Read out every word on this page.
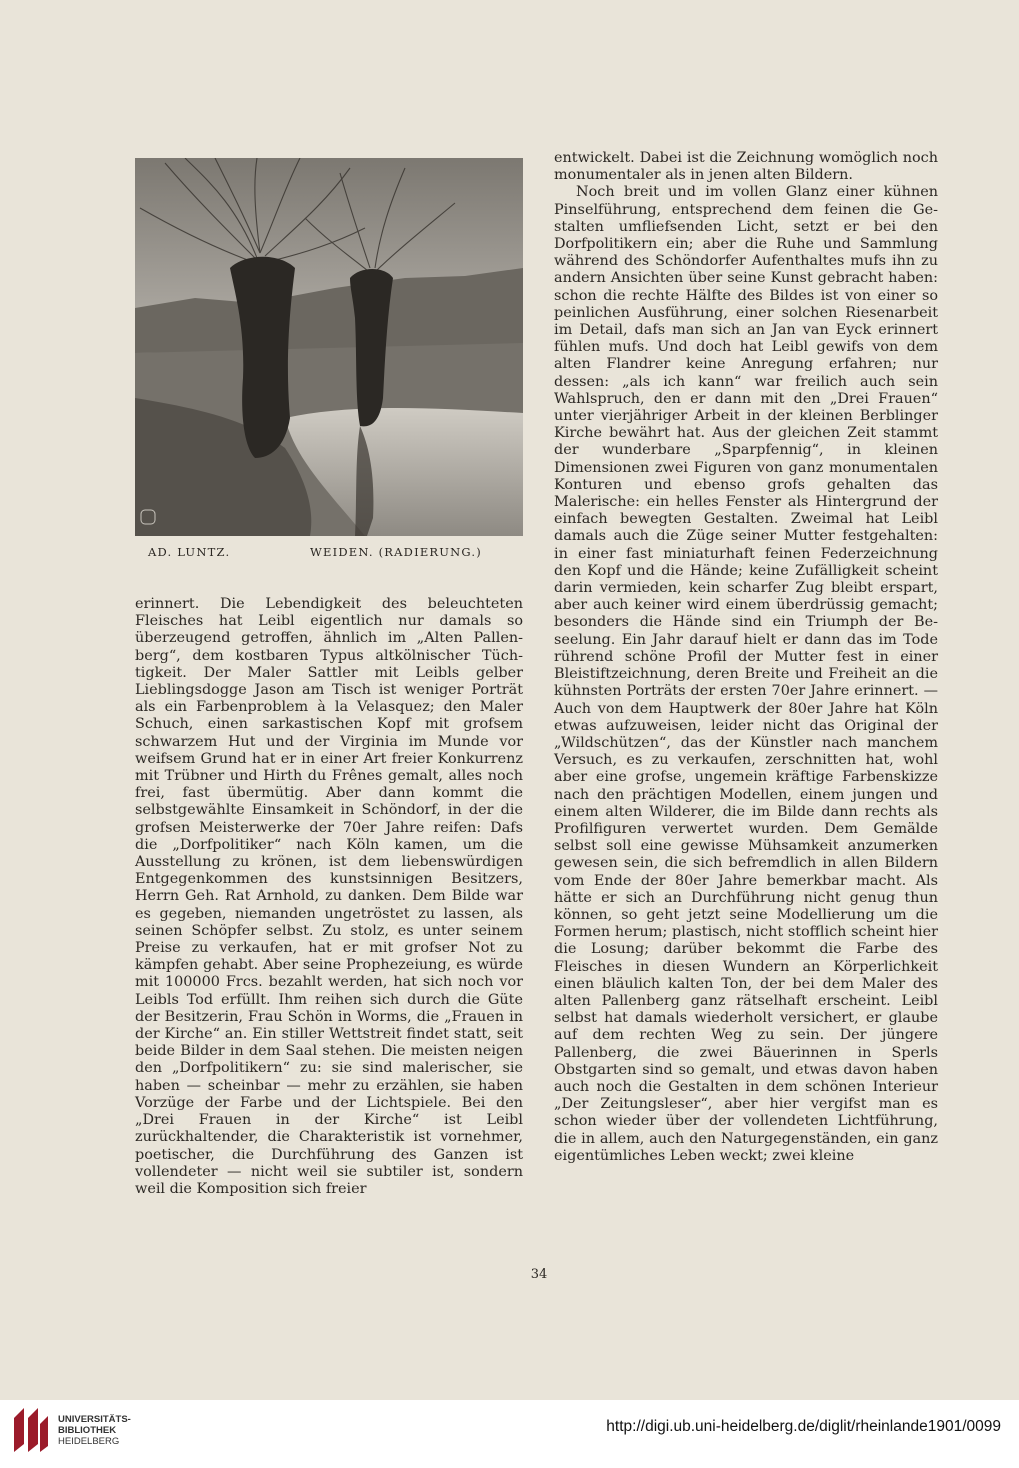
AD. LUNTZ.	WEIDEN. (RADIERUNG.)

erinnert. Die Lebendigkeit des beleuchteten Fleisches hat Leibl eigentlich nur damals so überzeugend getroffen, ähnlich im „Alten Pallenberg“, dem kostbaren Typus altkölnischer Tüchtigkeit. Der Maler Sattler mit Leibls gelber Lieblingsdogge Jason am Tisch ist weniger Porträt als ein Farbenproblem à la Velasquez; den Maler Schuch, einen sarkastischen Kopf mit grofsem schwarzem Hut und der Virginia im Munde vor weifsem Grund hat er in einer Art freier Konkurrenz mit Trübner und Hirth du Frênes gemalt, alles noch frei, fast übermütig. Aber dann kommt die selbstgewählte Einsamkeit in Schöndorf, in der die grofsen Meisterwerke der 70er Jahre reifen: Dafs die „Dorfpolitiker“ nach Köln kamen, um die Ausstellung zu krönen, ist dem liebenswürdigen Entgegenkommen des kunstsinnigen Besitzers, Herrn Geh. Rat Arnhold, zu danken. Dem Bilde war es gegeben, niemanden ungetröstet zu lassen, als seinen Schöpfer selbst. Zu stolz, es unter seinem Preise zu verkaufen, hat er mit grofser Not zu kämpfen gehabt. Aber seine Prophezeiung, es würde mit 100000 Frcs. bezahlt werden, hat sich noch vor Leibls Tod erfüllt. Ihm reihen sich durch die Güte der Besitzerin, Frau Schön in Worms, die „Frauen in der Kirche“ an. Ein stiller Wettstreit findet statt, seit beide Bilder in dem Saal stehen. Die meisten neigen den „Dorfpolitikern“ zu: sie sind malerischer, sie haben — scheinbar — mehr zu erzählen, sie haben Vorzüge der Farbe und der Lichtspiele. Bei den „Drei Frauen in der Kirche“ ist Leibl zurückhaltender, die Charakteristik ist vornehmer, poetischer, die Durchführung des Ganzen ist vollendeter — nicht weil sie subtiler ist, sondern weil die Komposition sich freier

entwickelt. Dabei ist die Zeichnung womöglich noch monumentaler als in jenen alten Bildern.

Noch breit und im vollen Glanz einer kühnen Pinselführung, entsprechend dem feinen die Gestalten umfliefsenden Licht, setzt er bei den Dorfpolitikern ein; aber die Ruhe und Sammlung während des Schöndorfer Aufenthaltes mufs ihn zu andern Ansichten über seine Kunst gebracht haben: schon die rechte Hälfte des Bildes ist von einer so peinlichen Ausführung, einer solchen Riesenarbeit im Detail, dafs man sich an Jan van Eyck erinnert fühlen mufs. Und doch hat Leibl gewifs von dem alten Flandrer keine Anregung erfahren; nur dessen: „als ich kann“ war freilich auch sein Wahlspruch, den er dann mit den „Drei Frauen“ unter vierjähriger Arbeit in der kleinen Berblinger Kirche bewährt hat. Aus der gleichen Zeit stammt der wunderbare „Sparpfennig“, in kleinen Dimensionen zwei Figuren von ganz monumentalen Konturen und ebenso grofs gehalten das Malerische: ein helles Fenster als Hintergrund der einfach bewegten Gestalten. Zweimal hat Leibl damals auch die Züge seiner Mutter festgehalten: in einer fast miniaturhaft feinen Federzeichnung den Kopf und die Hände; keine Zufälligkeit scheint darin vermieden, kein scharfer Zug bleibt erspart, aber auch keiner wird einem überdrüssig gemacht; besonders die Hände sind ein Triumph der Beseelung. Ein Jahr darauf hielt er dann das im Tode rührend schöne Profil der Mutter fest in einer Bleistiftzeichnung, deren Breite und Freiheit an die kühnsten Porträts der ersten 70er Jahre erinnert. — Auch von dem Hauptwerk der 80er Jahre hat Köln etwas aufzuweisen, leider nicht das Original der „Wildschützen“, das der Künstler nach manchem Versuch, es zu verkaufen, zerschnitten hat, wohl aber eine grofse, ungemein kräftige Farbenskizze nach den prächtigen Modellen, einem jungen und einem alten Wilderer, die im Bilde dann rechts als Profilfiguren verwertet wurden. Dem Gemälde selbst soll eine gewisse Mühsamkeit anzumerken gewesen sein, die sich befremdlich in allen Bildern vom Ende der 80er Jahre bemerkbar macht. Als hätte er sich an Durchführung nicht genug thun können, so geht jetzt seine Modellierung um die Formen herum; plastisch, nicht stofflich scheint hier die Losung; darüber bekommt die Farbe des Fleisches in diesen Wundern an Körperlichkeit einen bläulich kalten Ton, der bei dem Maler des alten Pallenberg ganz rätselhaft erscheint. Leibl selbst hat damals wiederholt versichert, er glaube auf dem rechten Weg zu sein. Der jüngere Pallenberg, die zwei Bäuerinnen in Sperls Obstgarten sind so gemalt, und etwas davon haben auch noch die Gestalten in dem schönen Interieur „Der Zeitungsleser“, aber hier vergifst man es schon wieder über der vollendeten Lichtführung, die in allem, auch den Naturgegenständen, ein ganz eigentümliches Leben weckt; zwei kleine

34
UNIVERSITÄTS-
BIBLIOTHEK
HEIDELBERG
http://digi.ub.uni-heidelberg.de/diglit/rheinlande1901/0099
